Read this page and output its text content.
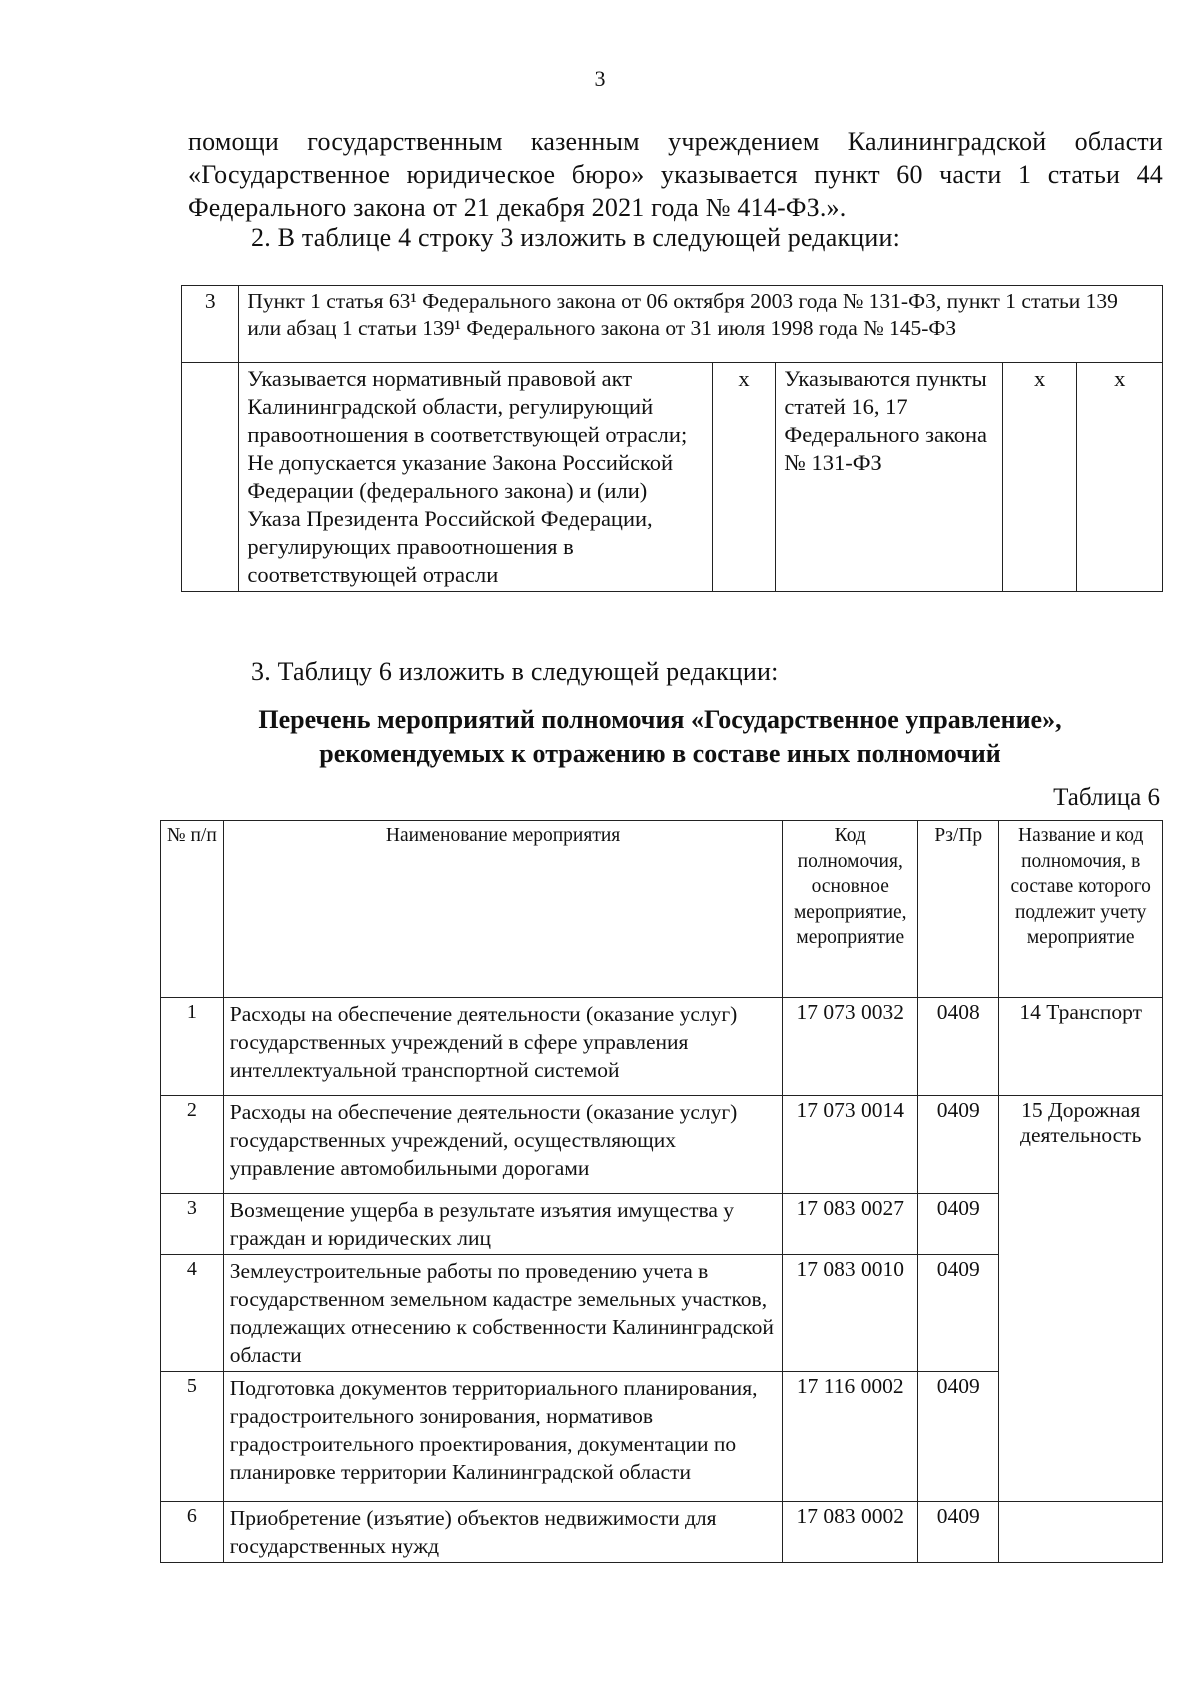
3

помощи государственным казенным учреждением Калининградской области «Государственное юридическое бюро» указывается пункт 60 части 1 статьи 44 Федерального закона от 21 декабря 2021 года № 414-ФЗ.».

2. В таблице 4 строку 3 изложить в следующей редакции:

3	Пункт 1 статья 63¹ Федерального закона от 06 октября 2003 года № 131-ФЗ, пункт 1 статьи 139 или абзац 1 статьи 139¹ Федерального закона от 31 июля 1998 года № 145-ФЗ				
	Указывается нормативный правовой акт Калининградской области, регулирующий правоотношения в соответствующей отрасли; Не допускается указание Закона Российской Федерации (федерального закона) и (или) Указа Президента Российской Федерации, регулирующих правоотношения в соответствующей отрасли	х	Указываются пункты статей 16, 17 Федерального закона № 131-ФЗ	х	х

3. Таблицу 6 изложить в следующей редакции:

Перечень мероприятий полномочия «Государственное управление», рекомендуемых к отражению в составе иных полномочий
Таблица 6
№ п/п	Наименование мероприятия	Код полномочия, основное мероприятие, мероприятие	Рз/Пр	Название и код полномочия, в составе которого подлежит учету мероприятие
1	Расходы на обеспечение деятельности (оказание услуг) государственных учреждений в сфере управления интеллектуальной транспортной системой	17 073 0032	0408	14 Транспорт
2	Расходы на обеспечение деятельности (оказание услуг) государственных учреждений, осуществляющих управление автомобильными дорогами	17 073 0014	0409	15 Дорожная деятельность
3	Возмещение ущерба в результате изъятия имущества у граждан и юридических лиц	17 083 0027	0409	
4	Землеустроительные работы по проведению учета в государственном земельном кадастре земельных участков, подлежащих отнесению к собственности Калининградской области	17 083 0010	0409	
5	Подготовка документов территориального планирования, градостроительного зонирования, нормативов градостроительного проектирования, документации по планировке территории Калининградской области	17 116 0002	0409	
6	Приобретение (изъятие) объектов недвижимости для государственных нужд	17 083 0002	0409	
